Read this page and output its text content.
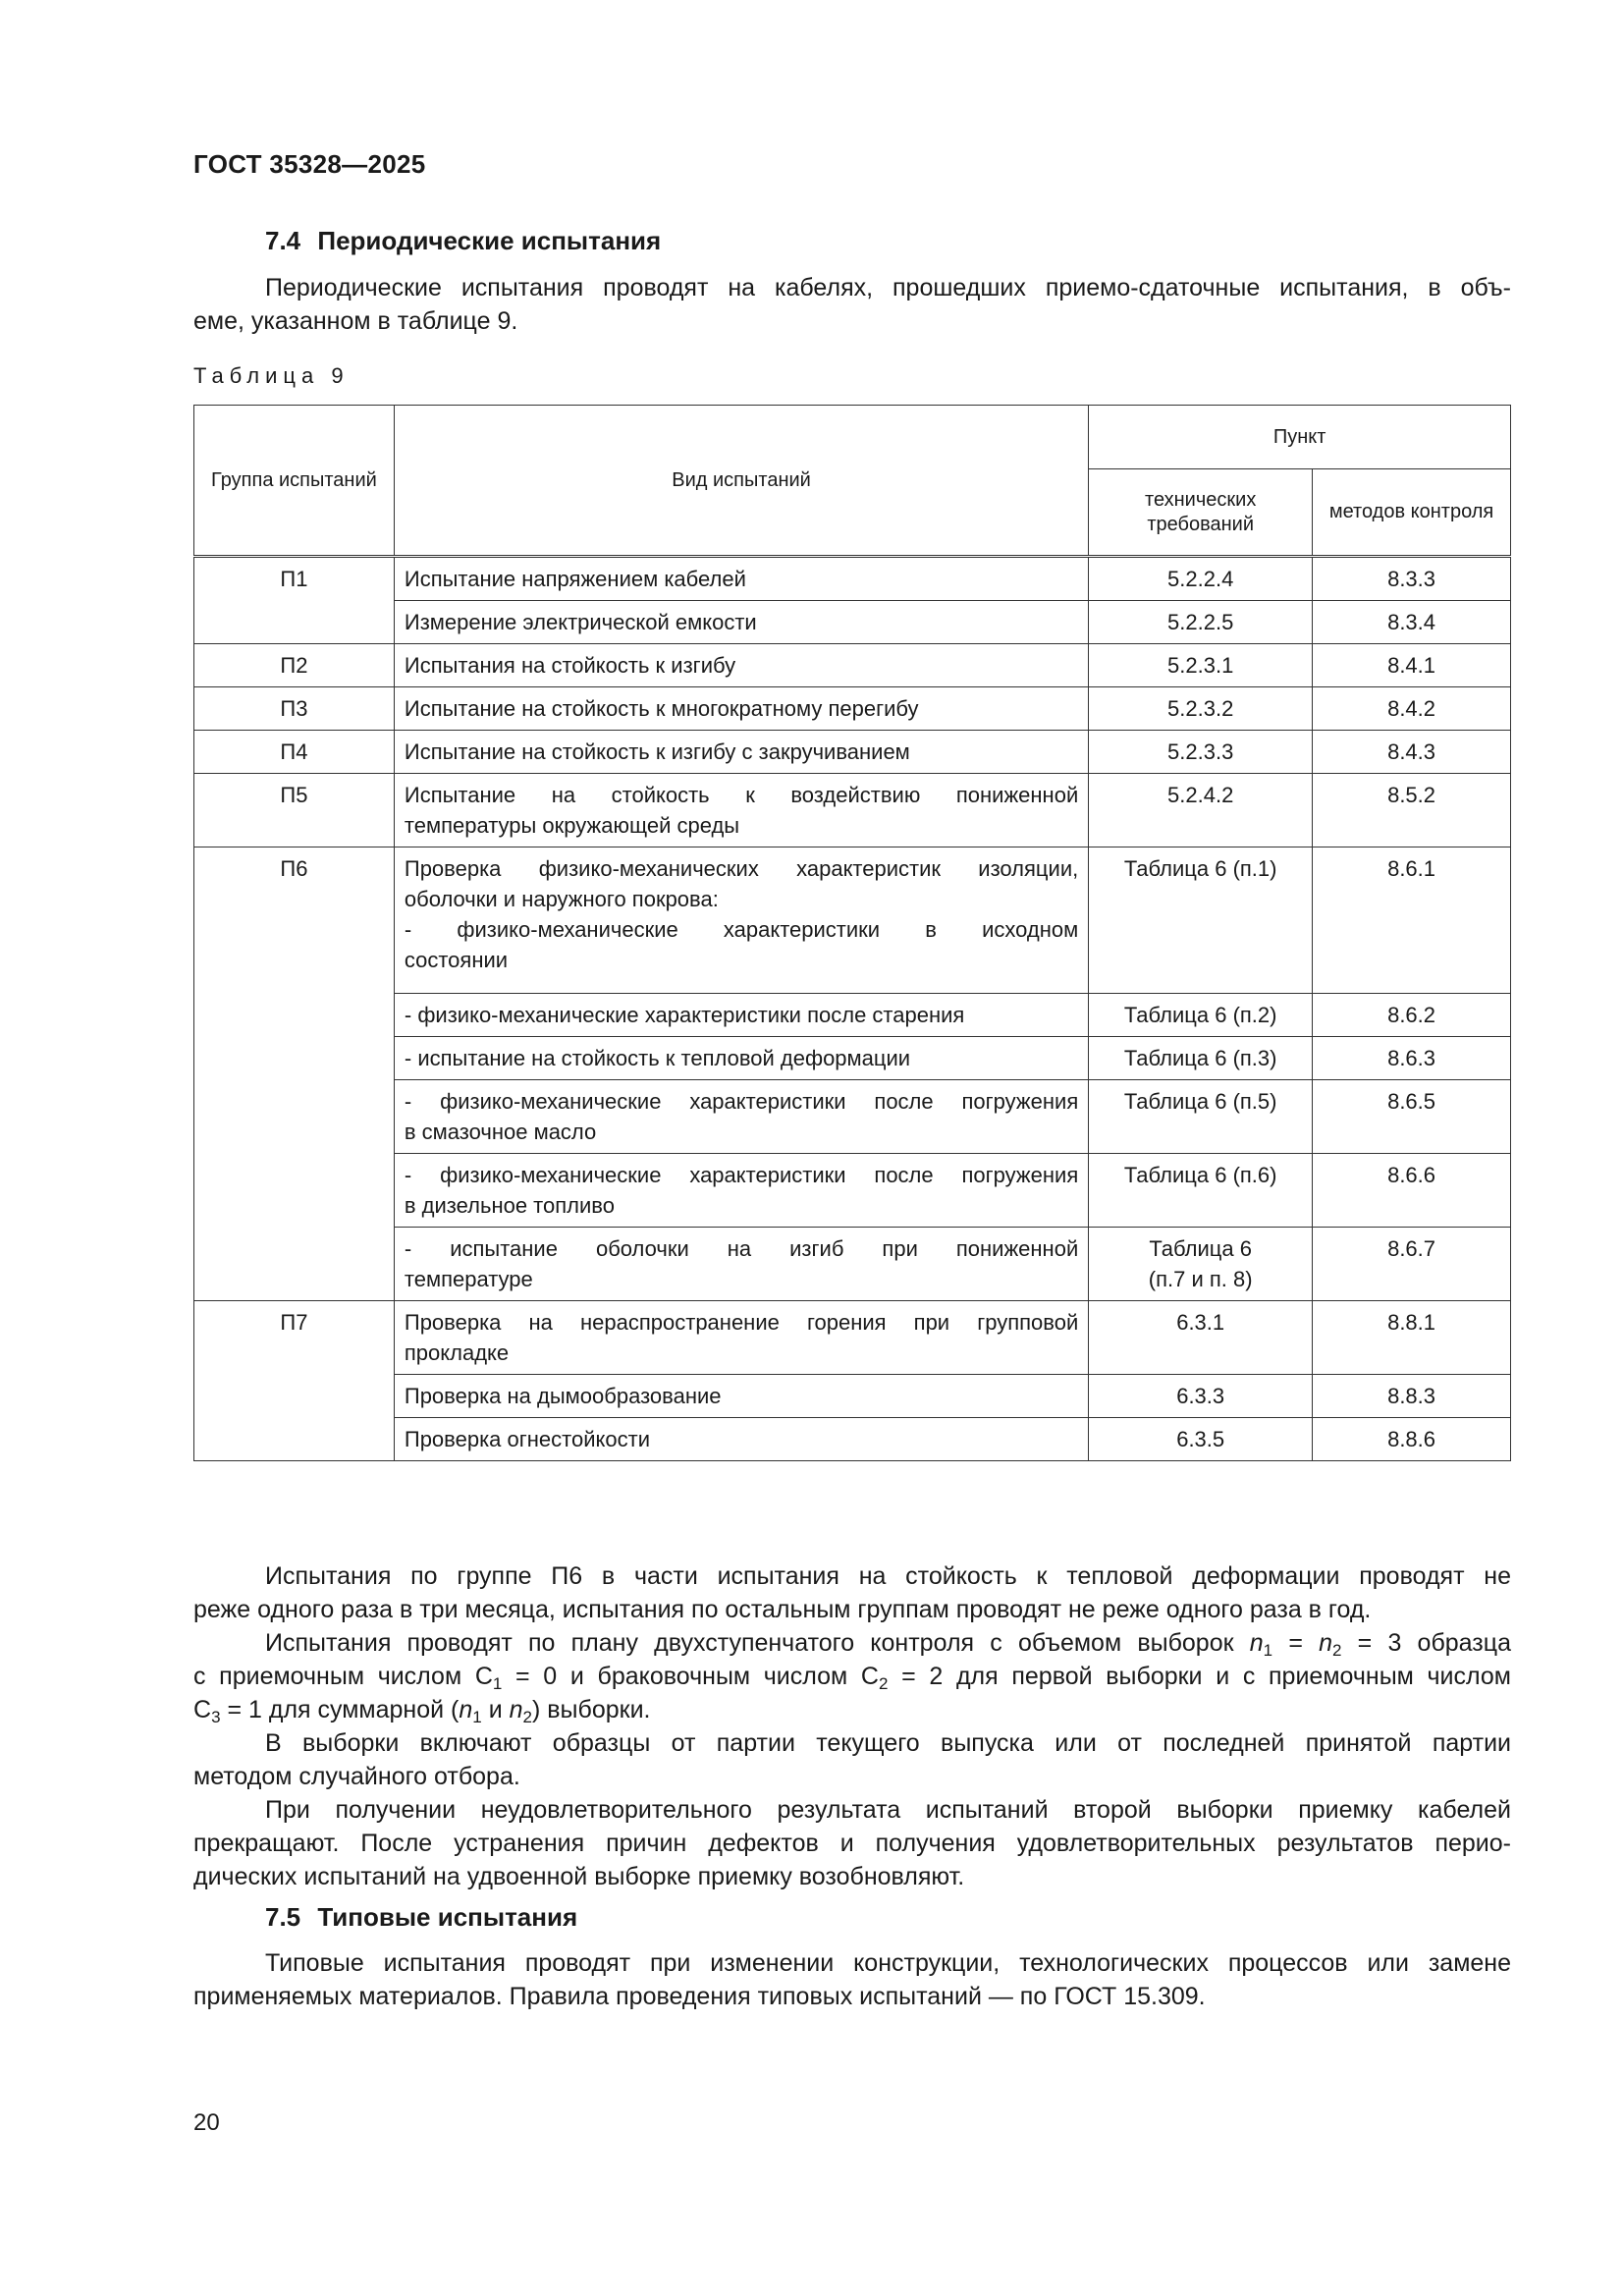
ГОСТ 35328—2025
7.4 Периодические испытания
Периодические испытания проводят на кабелях, прошедших приемо-сдаточные испытания, в объ-
еме, указанном в таблице 9.
Таблица 9
Группа испытаний	Вид испытаний	Пункт	
		технических требований	методов контроля
П1	Испытание напряжением кабелей	5.2.2.4	8.3.3
	Измерение электрической емкости	5.2.2.5	8.3.4
П2	Испытания на стойкость к изгибу	5.2.3.1	8.4.1
П3	Испытание на стойкость к многократному перегибу	5.2.3.2	8.4.2
П4	Испытание на стойкость к изгибу с закручиванием	5.2.3.3	8.4.3
П5	Испытание на стойкость к воздействию пониженной
температуры окружающей среды	5.2.4.2	8.5.2
П6	Проверка физико-механических характеристик изоляции,
оболочки и наружного покрова:
- физико-механические характеристики в исходном
состоянии	Таблица 6 (п.1)	8.6.1
	- физико-механические характеристики после старения	Таблица 6 (п.2)	8.6.2
	- испытание на стойкость к тепловой деформации	Таблица 6 (п.3)	8.6.3

	- физико-механические характеристики после погружения
в смазочное масло	Таблица 6 (п.5)	8.6.5

	- физико-механические характеристики после погружения
в дизельное топливо	Таблица 6 (п.6)	8.6.6

	- испытание оболочки на изгиб при пониженной
температуре	Таблица 6
(п.7 и п. 8)	8.6.7
П7	Проверка на нераспространение горения при групповой
прокладке	6.3.1	8.8.1
	Проверка на дымообразование	6.3.3	8.8.3
	Проверка огнестойкости	6.3.5	8.8.6
Испытания по группе П6 в части испытания на стойкость к тепловой деформации проводят не
реже одного раза в три месяца, испытания по остальным группам проводят не реже одного раза в год.
Испытания проводят по плану двухступенчатого контроля с объемом выборок $n_1 = n_2 = 3$ образца
с приемочным числом $С_1 = 0$ и браковочным числом $С_2 = 2$ для первой выборки и с приемочным числом
$С_3 = 1$ для суммарной ($n_1$ и $n_2$) выборки.
В выборки включают образцы от партии текущего выпуска или от последней принятой партии
методом случайного отбора.
При получении неудовлетворительного результата испытаний второй выборки приемку кабелей
прекращают. После устранения причин дефектов и получения удовлетворительных результатов перио-
дических испытаний на удвоенной выборке приемку возобновляют.
7.5 Типовые испытания
Типовые испытания проводят при изменении конструкции, технологических процессов или замене
применяемых материалов. Правила проведения типовых испытаний — по ГОСТ 15.309.
20
